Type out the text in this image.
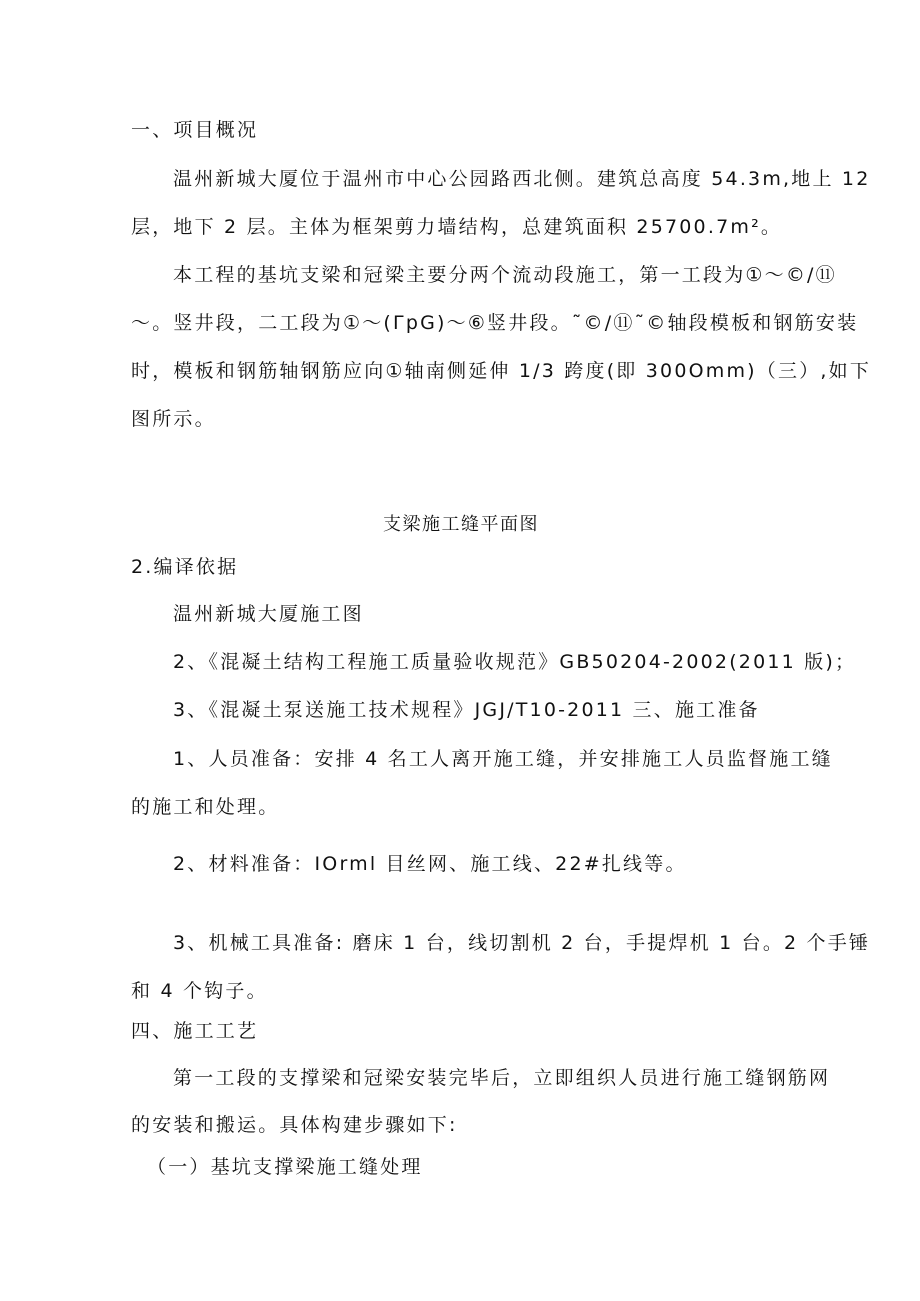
一、项目概况
温州新城大厦位于温州市中心公园路西北侧。建筑总高度 54.3m,地上 12
层，地下 2 层。主体为框架剪力墙结构，总建筑面积 25700.7m²。
本工程的基坑支梁和冠梁主要分两个流动段施工，第一工段为①～©/⑪
～。竖井段，二工段为①～(ΓpG)～⑥竖井段。˜©/⑪˜©轴段模板和钢筋安装
时，模板和钢筋轴钢筋应向①轴南侧延伸 1/3 跨度(即 300Omm)（三）,如下
图所示。
支梁施工缝平面图
2.编译依据
温州新城大厦施工图
2、《混凝土结构工程施工质量验收规范》GB50204-2002(2011 版)；
3、《混凝土泵送施工技术规程》JGJ/T10-2011 三、施工准备
1、人员准备：安排 4 名工人离开施工缝，并安排施工人员监督施工缝
的施工和处理。
2、材料准备：IOrml 目丝网、施工线、22#扎线等。
3、机械工具准备: 磨床 1 台，线切割机 2 台，手提焊机 1 台。2 个手锤
和 4 个钩子。
四、施工工艺
第一工段的支撑梁和冠梁安装完毕后，立即组织人员进行施工缝钢筋网
的安装和搬运。具体构建步骤如下:
（一）基坑支撑梁施工缝处理
